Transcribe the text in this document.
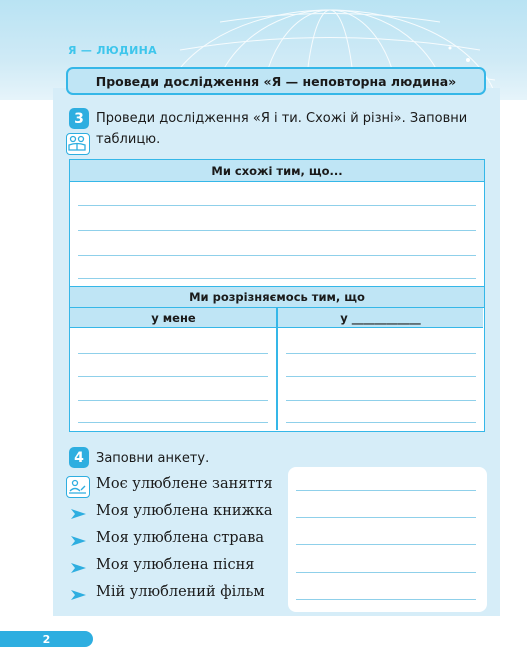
Я — ЛЮДИНА
Проведи дослідження «Я — неповторна людина»
3 Проведи дослідження «Я і ти. Схожі й різні». Заповни
таблицю.
Ми схожі тим, що...
Ми розрізняємось тим, що
у мене	у ____________
4 Заповни анкету.
Моє улюблене заняття
Моя улюблена книжка
Моя улюблена страва
Моя улюблена пісня
Мій улюблений фільм
2
